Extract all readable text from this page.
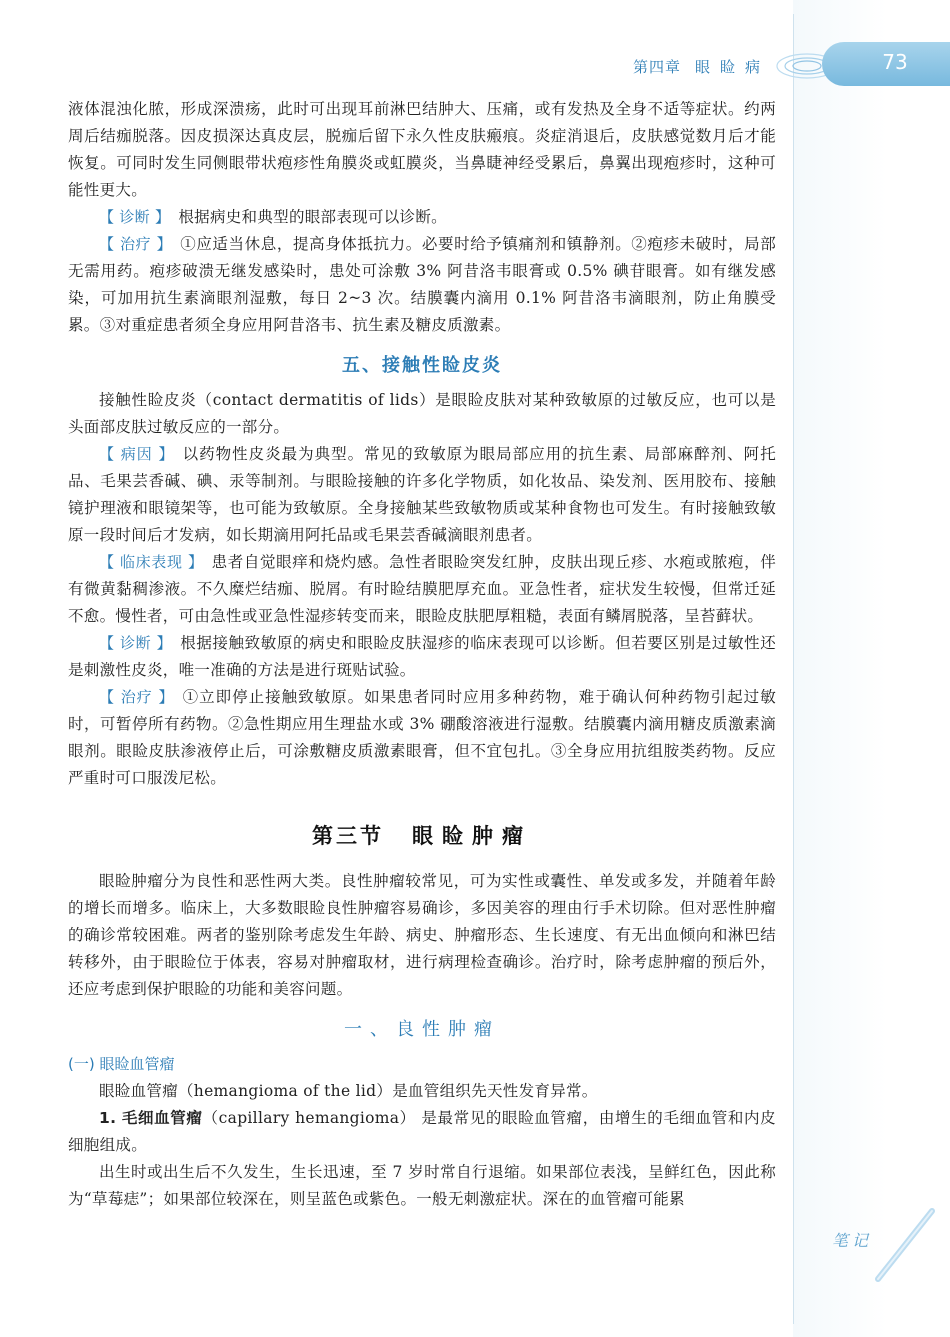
第四章 眼睑病	73

液体混浊化脓，形成深溃疡，此时可出现耳前淋巴结肿大、压痛，或有发热及全身不适等症状。约两周后结痂脱落。因皮损深达真皮层，脱痂后留下永久性皮肤瘢痕。炎症消退后，皮肤感觉数月后才能恢复。可同时发生同侧眼带状疱疹性角膜炎或虹膜炎，当鼻睫神经受累后，鼻翼出现疱疹时，这种可能性更大。

【 诊断 】 根据病史和典型的眼部表现可以诊断。

【 治疗 】 ①应适当休息，提高身体抵抗力。必要时给予镇痛剂和镇静剂。②疱疹未破时，局部无需用药。疱疹破溃无继发感染时，患处可涂敷 3% 阿昔洛韦眼膏或 0.5% 碘苷眼膏。如有继发感染，可加用抗生素滴眼剂湿敷，每日 2~3 次。结膜囊内滴用 0.1% 阿昔洛韦滴眼剂，防止角膜受累。③对重症患者须全身应用阿昔洛韦、抗生素及糖皮质激素。

五、接触性睑皮炎

接触性睑皮炎（contact dermatitis of lids）是眼睑皮肤对某种致敏原的过敏反应，也可以是头面部皮肤过敏反应的一部分。

【 病因 】 以药物性皮炎最为典型。常见的致敏原为眼局部应用的抗生素、局部麻醉剂、阿托品、毛果芸香碱、碘、汞等制剂。与眼睑接触的许多化学物质，如化妆品、染发剂、医用胶布、接触镜护理液和眼镜架等，也可能为致敏原。全身接触某些致敏物质或某种食物也可发生。有时接触致敏原一段时间后才发病，如长期滴用阿托品或毛果芸香碱滴眼剂患者。

【 临床表现 】 患者自觉眼痒和烧灼感。急性者眼睑突发红肿，皮肤出现丘疹、水疱或脓疱，伴有微黄黏稠渗液。不久糜烂结痂、脱屑。有时睑结膜肥厚充血。亚急性者，症状发生较慢，但常迁延不愈。慢性者，可由急性或亚急性湿疹转变而来，眼睑皮肤肥厚粗糙，表面有鳞屑脱落，呈苔藓状。

【 诊断 】 根据接触致敏原的病史和眼睑皮肤湿疹的临床表现可以诊断。但若要区别是过敏性还是刺激性皮炎，唯一准确的方法是进行斑贴试验。

【 治疗 】 ①立即停止接触致敏原。如果患者同时应用多种药物，难于确认何种药物引起过敏时，可暂停所有药物。②急性期应用生理盐水或 3% 硼酸溶液进行湿敷。结膜囊内滴用糖皮质激素滴眼剂。眼睑皮肤渗液停止后，可涂敷糖皮质激素眼膏，但不宜包扎。③全身应用抗组胺类药物。反应严重时可口服泼尼松。

第三节 眼睑肿瘤

眼睑肿瘤分为良性和恶性两大类。良性肿瘤较常见，可为实性或囊性、单发或多发，并随着年龄的增长而增多。临床上，大多数眼睑良性肿瘤容易确诊，多因美容的理由行手术切除。但对恶性肿瘤的确诊常较困难。两者的鉴别除考虑发生年龄、病史、肿瘤形态、生长速度、有无出血倾向和淋巴结转移外，由于眼睑位于体表，容易对肿瘤取材，进行病理检查确诊。治疗时，除考虑肿瘤的预后外，还应考虑到保护眼睑的功能和美容问题。

一、良性肿瘤
(一) 眼睑血管瘤

眼睑血管瘤（hemangioma of the lid）是血管组织先天性发育异常。

1. 毛细血管瘤（capillary hemangioma） 是最常见的眼睑血管瘤，由增生的毛细血管和内皮细胞组成。

出生时或出生后不久发生，生长迅速，至 7 岁时常自行退缩。如果部位表浅，呈鲜红色，因此称为“草莓痣”；如果部位较深在，则呈蓝色或紫色。一般无刺激症状。深在的血管瘤可能累

笔记
